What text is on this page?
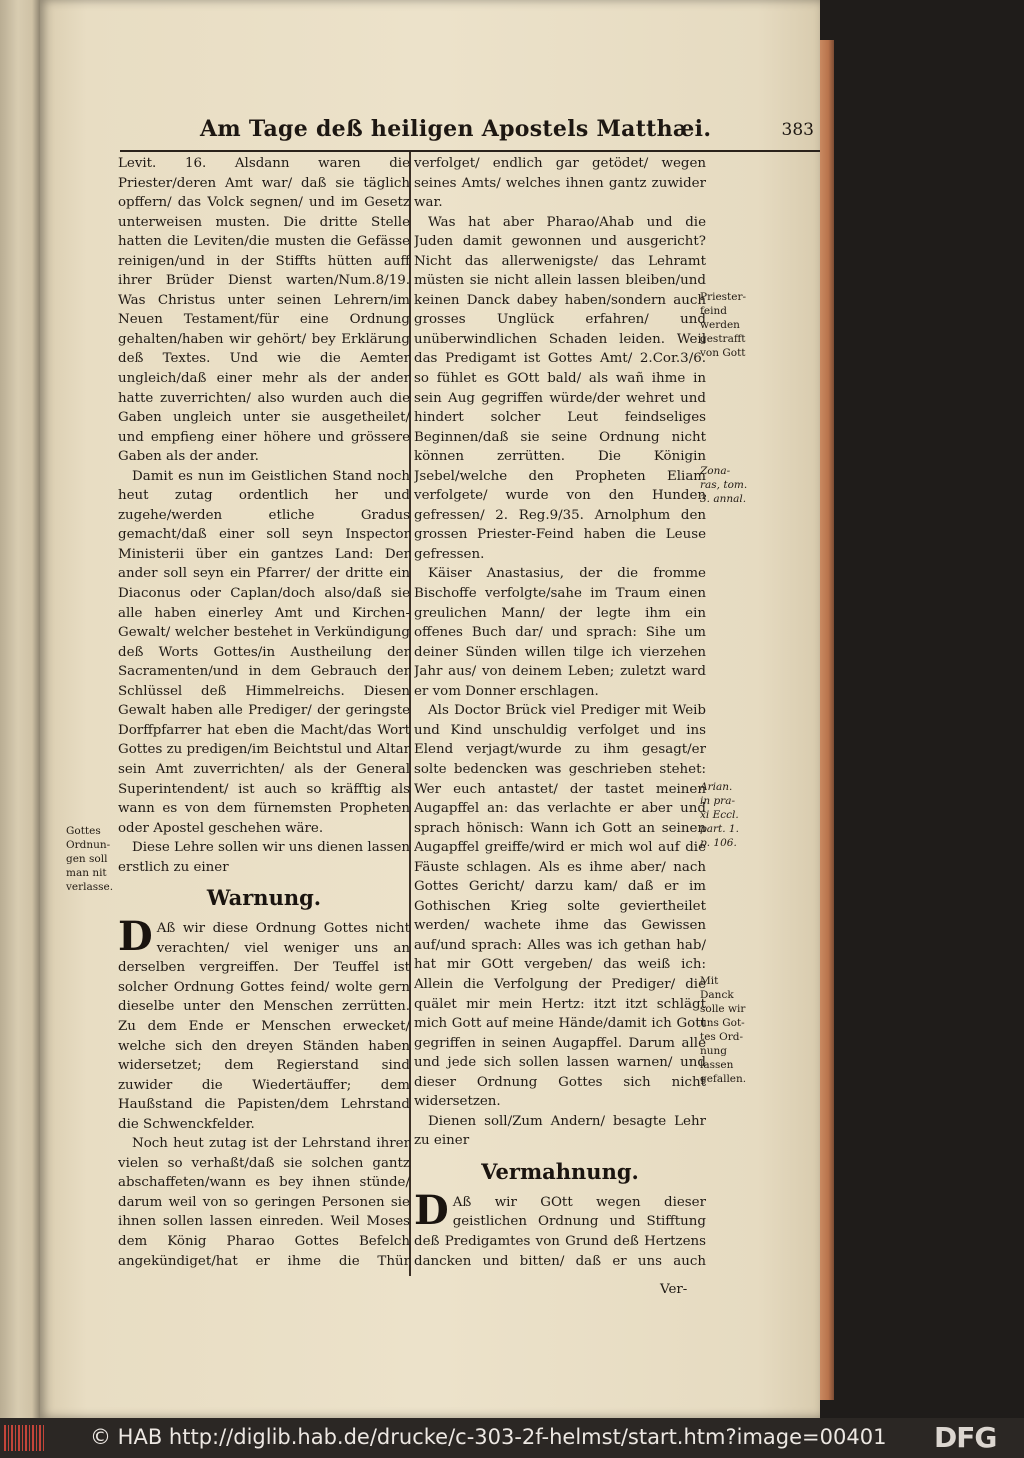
Am Tage deß heiligen Apostels Matthæi.	383

Levit. 16. Alsdann waren die Priester/deren Amt war/ daß sie täglich opffern/ das Volck segnen/ und im Gesetz unterweisen musten. Die dritte Stelle hatten die Leviten/die musten die Gefässe reinigen/und in der Stiffts hütten auff ihrer Brüder Dienst warten/Num.8/19. Was Christus unter seinen Lehrern/im Neuen Testament/für eine Ordnung gehalten/haben wir gehört/ bey Erklärung deß Textes. Und wie die Aemter ungleich/daß einer mehr als der ander hatte zuverrichten/ also wurden auch die Gaben ungleich unter sie ausgetheilet/ und empfieng einer höhere und grössere Gaben als der ander.

Damit es nun im Geistlichen Stand noch heut zutag ordentlich her und zugehe/werden etliche Gradus gemacht/daß einer soll seyn Inspector Ministerii über ein gantzes Land: Der ander soll seyn ein Pfarrer/ der dritte ein Diaconus oder Caplan/doch also/daß sie alle haben einerley Amt und Kirchen-Gewalt/ welcher bestehet in Verkündigung deß Worts Gottes/in Austheilung der Sacramenten/und in dem Gebrauch der Schlüssel deß Himmelreichs. Diesen Gewalt haben alle Prediger/ der geringste Dorffpfarrer hat eben die Macht/das Wort Gottes zu predigen/im Beichtstul und Altar sein Amt zuverrichten/ als der General Superintendent/ ist auch so kräfftig als wann es von dem fürnemsten Propheten oder Apostel geschehen wäre.

Diese Lehre sollen wir uns dienen lassen erstlich zu einer

Warnung.

D Aß wir diese Ordnung Gottes nicht verachten/ viel weniger uns an derselben vergreiffen. Der Teuffel ist solcher Ordnung Gottes feind/ wolte gern dieselbe unter den Menschen zerrütten. Zu dem Ende er Menschen erwecket/ welche sich den dreyen Ständen haben widersetzet; dem Regierstand sind zuwider die Wiedertäuffer; dem Haußstand die Papisten/dem Lehrstand die Schwenckfelder.

Noch heut zutag ist der Lehrstand ihrer vielen so verhaßt/daß sie solchen gantz abschaffeten/wann es bey ihnen stünde/ darum weil von so geringen Personen sie ihnen sollen lassen einreden. Weil Moses dem König Pharao Gottes Befelch angekündiget/hat er ihme die Thür

verfolget/ endlich gar getödet/ wegen seines Amts/ welches ihnen gantz zuwider war.

Was hat aber Pharao/Ahab und die Juden damit gewonnen und ausgericht? Nicht das allerwenigste/ das Lehramt müsten sie nicht allein lassen bleiben/und keinen Danck dabey haben/sondern auch grosses Unglück erfahren/ und unüberwindlichen Schaden leiden. Weil das Predigamt ist Gottes Amt/ 2.Cor.3/6. so fühlet es GOtt bald/ als wañ ihme in sein Aug gegriffen würde/der wehret und hindert solcher Leut feindseliges Beginnen/daß sie seine Ordnung nicht können zerrütten. Die Königin Jsebel/welche den Propheten Eliam verfolgete/ wurde von den Hunden gefressen/ 2. Reg.9/35. Arnolphum den grossen Priester-Feind haben die Leuse gefressen.

Käiser Anastasius, der die fromme Bischoffe verfolgte/sahe im Traum einen greulichen Mann/ der legte ihm ein offenes Buch dar/ und sprach: Sihe um deiner Sünden willen tilge ich vierzehen Jahr aus/ von deinem Leben; zuletzt ward er vom Donner erschlagen.

Als Doctor Brück viel Prediger mit Weib und Kind unschuldig verfolget und ins Elend verjagt/wurde zu ihm gesagt/er solte bedencken was geschrieben stehet: Wer euch antastet/ der tastet meinen Augapffel an: das verlachte er aber und sprach hönisch: Wann ich Gott an seinen Augapffel greiffe/wird er mich wol auf die Fäuste schlagen. Als es ihme aber/ nach Gottes Gericht/ darzu kam/ daß er im Gothischen Krieg solte geviertheilet werden/ wachete ihme das Gewissen auf/und sprach: Alles was ich gethan hab/ hat mir GOtt vergeben/ das weiß ich: Allein die Verfolgung der Prediger/ die quälet mir mein Hertz: itzt itzt schlägt mich Gott auf meine Hände/damit ich Gott gegriffen in seinen Augapffel. Darum alle und jede sich sollen lassen warnen/ und dieser Ordnung Gottes sich nicht widersetzen.

Dienen soll/Zum Andern/ besagte Lehr zu einer

Vermahnung.

D Aß wir GOtt wegen dieser geistlichen Ordnung und Stifftung deß Predigamtes von Grund deß Hertzens dancken und bitten/ daß er uns auch

Gottes
Ordnun-
gen soll
man nit
verlasse.
Priester-
feind
werden
gestrafft
von Gott
Zona-
ras, tom.
3. annal.
Arian.
in pra-
xi Eccl.
part. 1.
p. 106.
Mit
Danck
solle wir
uns Got-
tes Ord-
nung
lassen
gefallen.
Ver-
© HAB http://diglib.hab.de/drucke/c-303-2f-helmst/start.htm?image=00401 DFG
